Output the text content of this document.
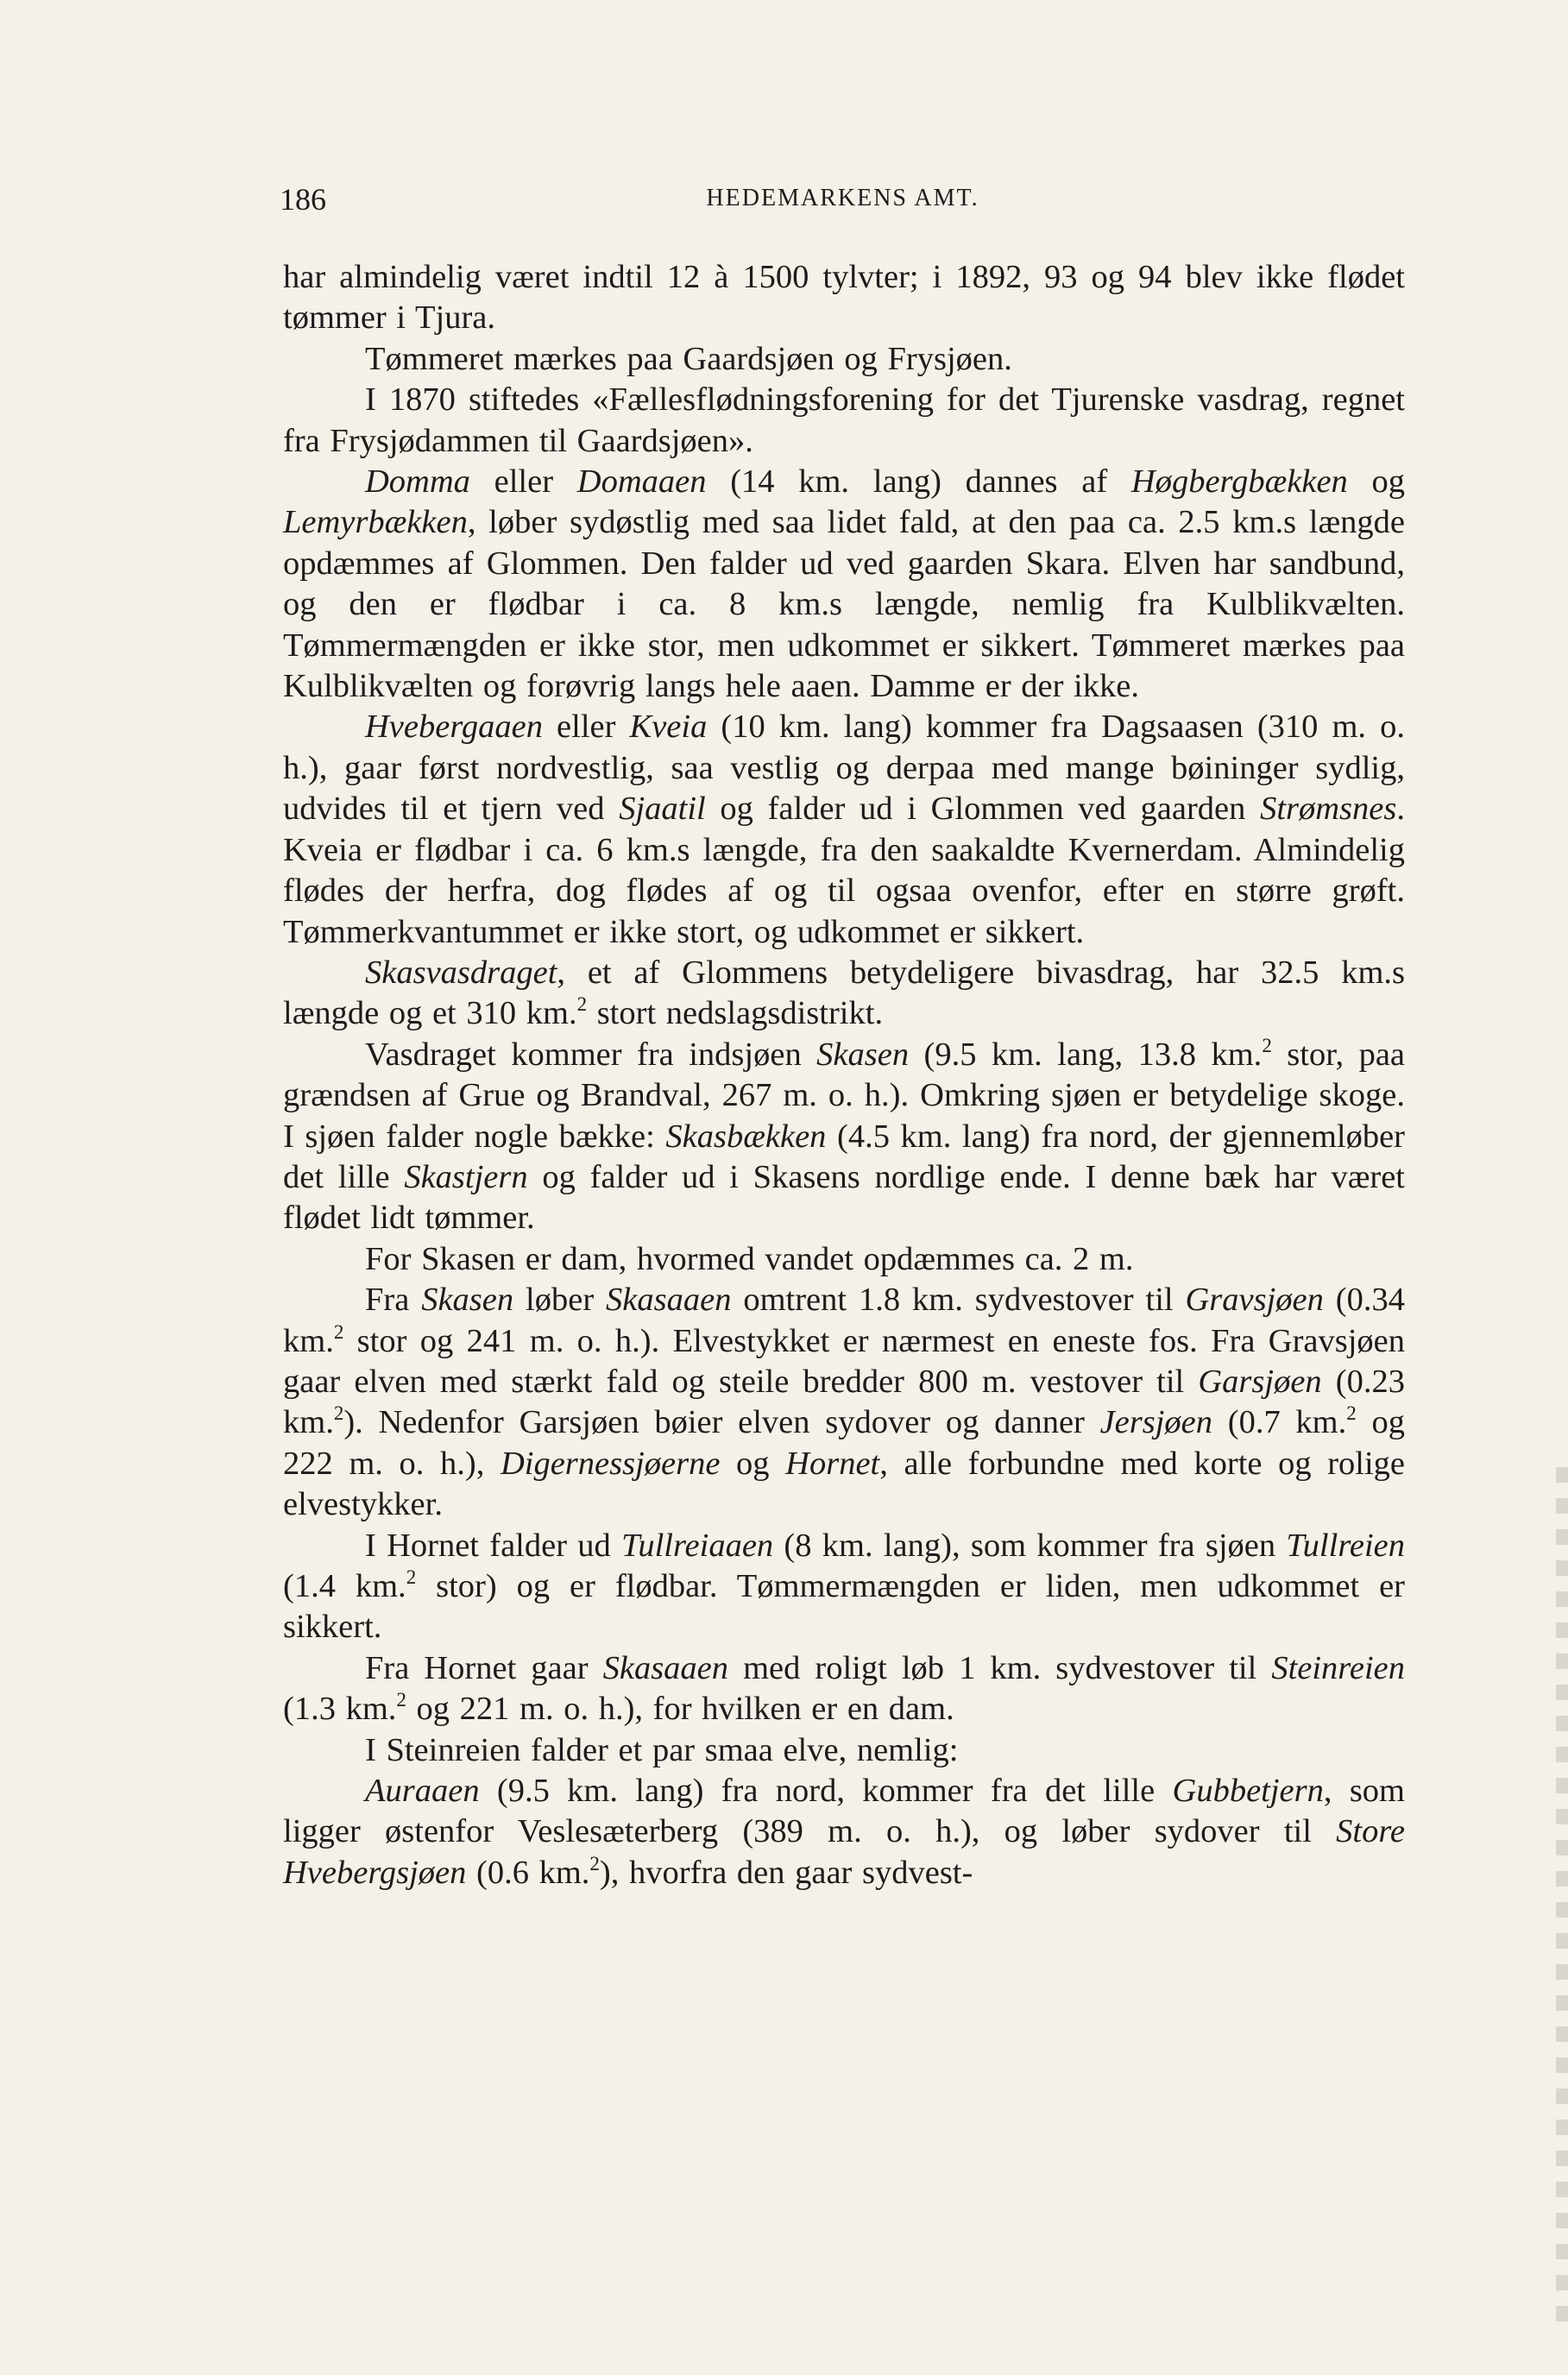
186	HEDEMARKENS AMT.

har almindelig været indtil 12 à 1500 tylvter; i 1892, 93 og 94 blev ikke flødet tømmer i Tjura.

Tømmeret mærkes paa Gaardsjøen og Frysjøen.

I 1870 stiftedes «Fællesflødningsforening for det Tjurenske vasdrag, regnet fra Frysjødammen til Gaardsjøen».

Domma eller Domaaen (14 km. lang) dannes af Høgbergbækken og Lemyrbækken, løber sydøstlig med saa lidet fald, at den paa ca. 2.5 km.s længde opdæmmes af Glommen. Den falder ud ved gaarden Skara. Elven har sandbund, og den er flødbar i ca. 8 km.s længde, nemlig fra Kulblikvælten. Tømmermængden er ikke stor, men udkommet er sikkert. Tømmeret mærkes paa Kulblikvælten og forøvrig langs hele aaen. Damme er der ikke.

Hvebergaaen eller Kveia (10 km. lang) kommer fra Dagsaasen (310 m. o. h.), gaar først nordvestlig, saa vestlig og derpaa med mange bøininger sydlig, udvides til et tjern ved Sjaatil og falder ud i Glommen ved gaarden Strømsnes. Kveia er flødbar i ca. 6 km.s længde, fra den saakaldte Kvernerdam. Almindelig flødes der herfra, dog flødes af og til ogsaa ovenfor, efter en større grøft. Tømmerkvantummet er ikke stort, og udkommet er sikkert.

Skasvasdraget, et af Glommens betydeligere bivasdrag, har 32.5 km.s længde og et 310 km.$^2$ stort nedslagsdistrikt.

Vasdraget kommer fra indsjøen Skasen (9.5 km. lang, 13.8 km.$^2$ stor, paa grændsen af Grue og Brandval, 267 m. o. h.). Omkring sjøen er betydelige skoge. I sjøen falder nogle bække: Skasbækken (4.5 km. lang) fra nord, der gjennemløber det lille Skastjern og falder ud i Skasens nordlige ende. I denne bæk har været flødet lidt tømmer.

For Skasen er dam, hvormed vandet opdæmmes ca. 2 m.

Fra Skasen løber Skasaaen omtrent 1.8 km. sydvestover til Gravsjøen (0.34 km.$^2$ stor og 241 m. o. h.). Elvestykket er nærmest en eneste fos. Fra Gravsjøen gaar elven med stærkt fald og steile bredder 800 m. vestover til Garsjøen (0.23 km.$^2$). Nedenfor Garsjøen bøier elven sydover og danner Jersjøen (0.7 km.$^2$ og 222 m. o. h.), Digernessjøerne og Hornet, alle forbundne med korte og rolige elvestykker.

I Hornet falder ud Tullreiaaen (8 km. lang), som kommer fra sjøen Tullreien (1.4 km.$^2$ stor) og er flødbar. Tømmermængden er liden, men udkommet er sikkert.

Fra Hornet gaar Skasaaen med roligt løb 1 km. sydvestover til Steinreien (1.3 km.$^2$ og 221 m. o. h.), for hvilken er en dam.

I Steinreien falder et par smaa elve, nemlig:

Auraaen (9.5 km. lang) fra nord, kommer fra det lille Gubbetjern, som ligger østenfor Veslesæterberg (389 m. o. h.), og løber sydover til Store Hvebergsjøen (0.6 km.$^2$), hvorfra den gaar sydvest-
